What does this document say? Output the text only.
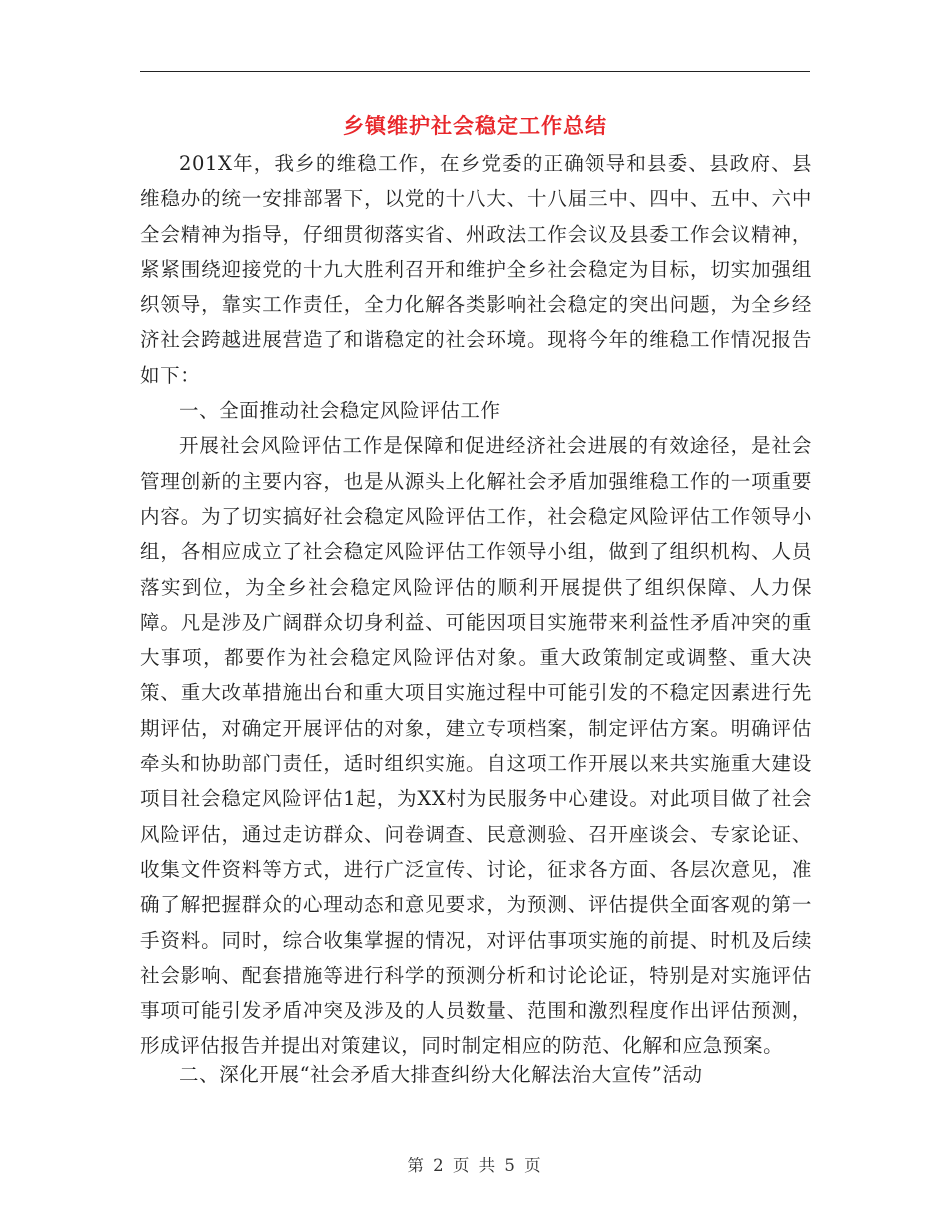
乡镇维护社会稳定工作总结

201X年，我乡的维稳工作，在乡党委的正确领导和县委、县政府、县维稳办的统一安排部署下，以党的十八大、十八届三中、四中、五中、六中全会精神为指导，仔细贯彻落实省、州政法工作会议及县委工作会议精神，紧紧围绕迎接党的十九大胜利召开和维护全乡社会稳定为目标，切实加强组织领导，靠实工作责任，全力化解各类影响社会稳定的突出问题，为全乡经济社会跨越进展营造了和谐稳定的社会环境。现将今年的维稳工作情况报告如下：

一、全面推动社会稳定风险评估工作

开展社会风险评估工作是保障和促进经济社会进展的有效途径，是社会管理创新的主要内容，也是从源头上化解社会矛盾加强维稳工作的一项重要内容。为了切实搞好社会稳定风险评估工作，社会稳定风险评估工作领导小组，各相应成立了社会稳定风险评估工作领导小组，做到了组织机构、人员落实到位，为全乡社会稳定风险评估的顺利开展提供了组织保障、人力保障。凡是涉及广阔群众切身利益、可能因项目实施带来利益性矛盾冲突的重大事项，都要作为社会稳定风险评估对象。重大政策制定或调整、重大决策、重大改革措施出台和重大项目实施过程中可能引发的不稳定因素进行先期评估，对确定开展评估的对象，建立专项档案，制定评估方案。明确评估牵头和协助部门责任，适时组织实施。自这项工作开展以来共实施重大建设项目社会稳定风险评估1起，为XX村为民服务中心建设。对此项目做了社会风险评估，通过走访群众、问卷调查、民意测验、召开座谈会、专家论证、收集文件资料等方式，进行广泛宣传、讨论，征求各方面、各层次意见，准确了解把握群众的心理动态和意见要求，为预测、评估提供全面客观的第一手资料。同时，综合收集掌握的情况，对评估事项实施的前提、时机及后续社会影响、配套措施等进行科学的预测分析和讨论论证，特别是对实施评估事项可能引发矛盾冲突及涉及的人员数量、范围和激烈程度作出评估预测，形成评估报告并提出对策建议，同时制定相应的防范、化解和应急预案。

二、深化开展“社会矛盾大排查纠纷大化解法治大宣传”活动

第 2 页 共 5 页
